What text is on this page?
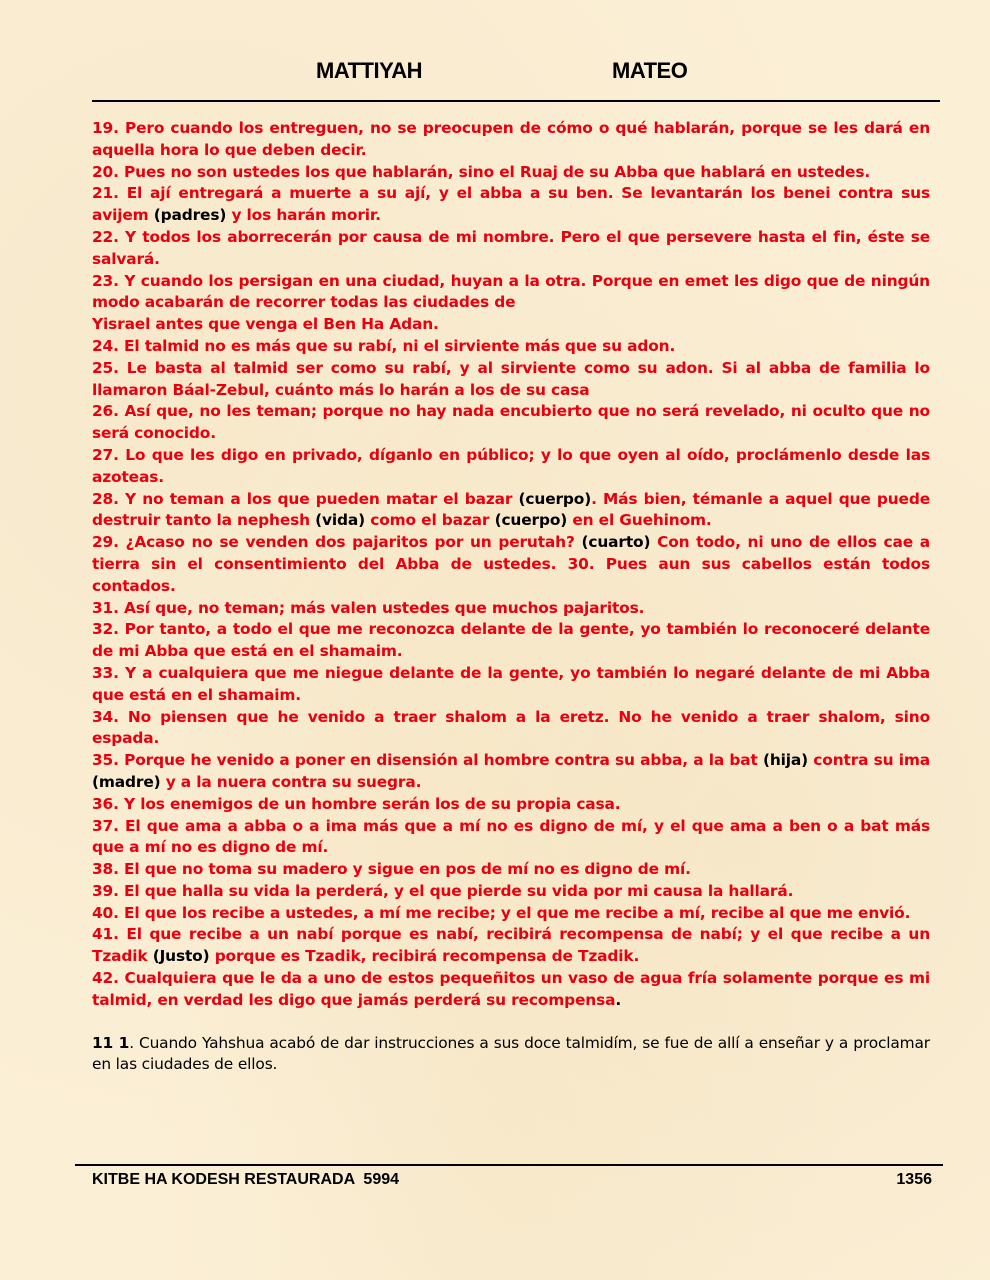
MATTIYAH	MATEO

19. Pero cuando los entreguen, no se preocupen de cómo o qué hablarán, porque se les dará en aquella hora lo que deben decir.

20. Pues no son ustedes los que hablarán, sino el Ruaj de su Abba que hablará en ustedes.

21. El ají entregará a muerte a su ají, y el abba a su ben. Se levantarán los benei contra sus avijem (padres) y los harán morir.

22. Y todos los aborrecerán por causa de mi nombre. Pero el que persevere hasta el fin, éste se salvará.

23. Y cuando los persigan en una ciudad, huyan a la otra. Porque en emet les digo que de ningún modo acabarán de recorrer todas las ciudades de
Yisrael antes que venga el Ben Ha Adan.

24. El talmid no es más que su rabí, ni el sirviente más que su adon.

25. Le basta al talmid ser como su rabí, y al sirviente como su adon. Si al abba de familia lo llamaron Báal-Zebul, cuánto más lo harán a los de su casa

26. Así que, no les teman; porque no hay nada encubierto que no será revelado, ni oculto que no será conocido.

27. Lo que les digo en privado, díganlo en público; y lo que oyen al oído, proclámenlo desde las azoteas.

28. Y no teman a los que pueden matar el bazar (cuerpo). Más bien, témanle a aquel que puede destruir tanto la nephesh (vida) como el bazar (cuerpo) en el Guehinom.

29. ¿Acaso no se venden dos pajaritos por un perutah? (cuarto) Con todo, ni uno de ellos cae a tierra sin el consentimiento del Abba de ustedes. 30. Pues aun sus cabellos están todos contados.

31. Así que, no teman; más valen ustedes que muchos pajaritos.

32. Por tanto, a todo el que me reconozca delante de la gente, yo también lo reconoceré delante de mi Abba que está en el shamaim.

33. Y a cualquiera que me niegue delante de la gente, yo también lo negaré delante de mi Abba que está en el shamaim.

34. No piensen que he venido a traer shalom a la eretz. No he venido a traer shalom, sino espada.

35. Porque he venido a poner en disensión al hombre contra su abba, a la bat (hija) contra su ima (madre) y a la nuera contra su suegra.

36. Y los enemigos de un hombre serán los de su propia casa.

37. El que ama a abba o a ima más que a mí no es digno de mí, y el que ama a ben o a bat más que a mí no es digno de mí.

38. El que no toma su madero y sigue en pos de mí no es digno de mí.

39. El que halla su vida la perderá, y el que pierde su vida por mi causa la hallará.

40. El que los recibe a ustedes, a mí me recibe; y el que me recibe a mí, recibe al que me envió.

41. El que recibe a un nabí porque es nabí, recibirá recompensa de nabí; y el que recibe a un Tzadik (Justo) porque es Tzadik, recibirá recompensa de Tzadik.

42. Cualquiera que le da a uno de estos pequeñitos un vaso de agua fría solamente porque es mi talmid, en verdad les digo que jamás perderá su recompensa.

11 1. Cuando Yahshua acabó de dar instrucciones a sus doce talmidím, se fue de allí a enseñar y a proclamar en las ciudades de ellos.

KITBE HA KODESH RESTAURADA  5994	1356
